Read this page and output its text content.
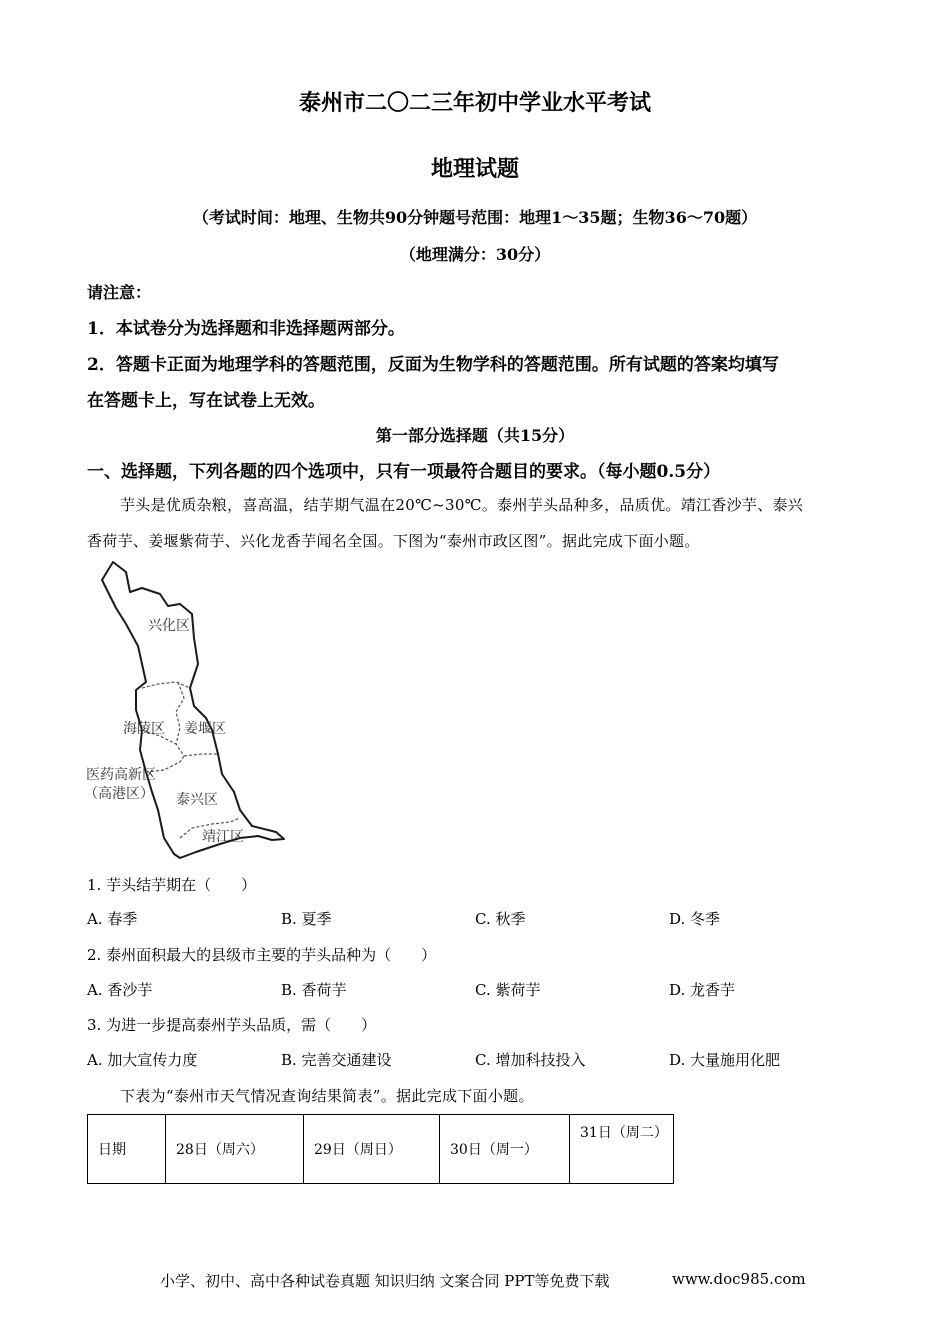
泰州市二〇二三年初中学业水平考试
地理试题
（考试时间：地理、生物共90分钟题号范围：地理1～35题；生物36～70题）
（地理满分：30分）
请注意：
1．本试卷分为选择题和非选择题两部分。
2．答题卡正面为地理学科的答题范围，反面为生物学科的答题范围。所有试题的答案均填写
在答题卡上，写在试卷上无效。
第一部分选择题（共15分）
一、选择题，下列各题的四个选项中，只有一项最符合题目的要求。（每小题0.5分）
芋头是优质杂粮，喜高温，结芋期气温在20℃~30℃。泰州芋头品种多，品质优。靖江香沙芋、泰兴
香荷芋、姜堰紫荷芋、兴化龙香芋闻名全国。下图为“泰州市政区图”。据此完成下面小题。
兴化区
海陵区 姜堰区
医药高新区
（高港区） 泰兴区
靖江区
1. 芋头结芋期在（　　）
A. 春季	B. 夏季	C. 秋季	D. 冬季
2. 泰州面积最大的县级市主要的芋头品种为（　　）
A. 香沙芋	B. 香荷芋	C. 紫荷芋	D. 龙香芋
3. 为进一步提高泰州芋头品质，需（　　）
A. 加大宣传力度	B. 完善交通建设	C. 增加科技投入	D. 大量施用化肥
下表为“泰州市天气情况查询结果简表”。据此完成下面小题。
日期	28日（周六）	29日（周日）	30日（周一）	31日（周二）
小学、初中、高中各种试卷真题 知识归纳 文案合同 PPT等免费下载	www.doc985.com
